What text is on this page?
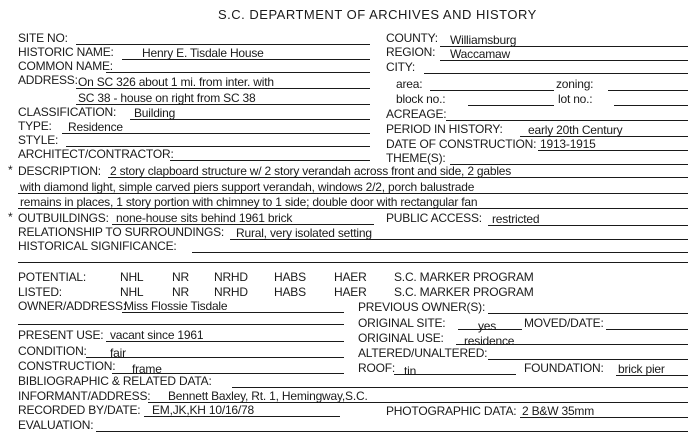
S.C. DEPARTMENT OF ARCHIVES AND HISTORY
SITE NO:
HISTORIC NAME: Henry E. Tisdale House
COMMON NAME:
ADDRESS: On SC 326 about 1 mi. from inter. with
SC 38 - house on right from SC 38
CLASSIFICATION: Building
TYPE: Residence
STYLE:
ARCHITECT/CONTRACTOR:
COUNTY: Williamsburg
REGION: Waccamaw
CITY:
area:	zoning:
block no.:	lot no.:
ACREAGE:
PERIOD IN HISTORY: early 20th Century
DATE OF CONSTRUCTION: 1913-1915
THEME(S):
* DESCRIPTION: 2 story clapboard structure w/ 2 story verandah across front and side, 2 gables
with diamond light, simple carved piers support verandah, windows 2/2, porch balustrade
remains in places, 1 story portion with chimney to 1 side; double door with rectangular fan
* OUTBUILDINGS: none-house sits behind 1961 brick	PUBLIC ACCESS: restricted
RELATIONSHIP TO SURROUNDINGS: Rural, very isolated setting
HISTORICAL SIGNIFICANCE:
POTENTIAL:	NHL NR NRHD HABS HAER S.C. MARKER PROGRAM
LISTED:	NHL NR NRHD HABS HAER S.C. MARKER PROGRAM
OWNER/ADDRESS:
Miss Flossie Tisdale	PREVIOUS OWNER(S):
ORIGINAL SITE:	yes MOVED/DATE:
PRESENT USE: vacant since 1961	ORIGINAL USE: residence
CONDITION: fair	ALTERED/UNALTERED:
CONSTRUCTION: frame	ROOF: tin	FOUNDATION: brick pier
BIBLIOGRAPHIC & RELATED DATA:
INFORMANT/ADDRESS: Bennett Baxley, Rt. 1, Hemingway,S.C.
RECORDED BY/DATE: EM,JK,KH 10/16/78	PHOTOGRAPHIC DATA: 2 B&W 35mm
EVALUATION:
